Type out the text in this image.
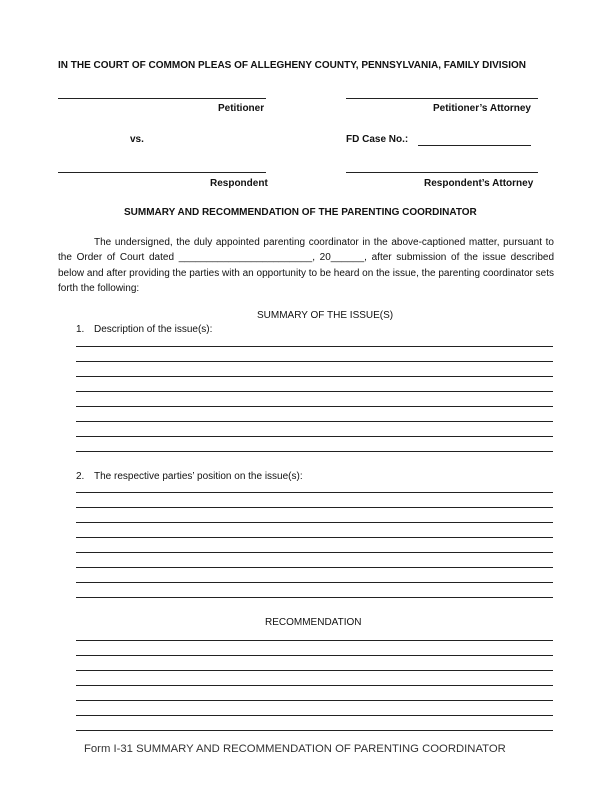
IN THE COURT OF COMMON PLEAS OF ALLEGHENY COUNTY, PENNSYLVANIA, FAMILY DIVISION
Petitioner	Petitioner’s Attorney
vs.	FD Case No.:
Respondent	Respondent’s Attorney
SUMMARY AND RECOMMENDATION OF THE PARENTING COORDINATOR

The undersigned, the duly appointed parenting coordinator in the above-captioned matter, pursuant to the Order of Court dated ________________________, 20______, after submission of the issue described below and after providing the parties with an opportunity to be heard on the issue, the parenting coordinator sets forth the following:

SUMMARY OF THE ISSUE(S)
1. Description of the issue(s):
2. The respective parties’ position on the issue(s):
RECOMMENDATION
Form I-31 SUMMARY AND RECOMMENDATION OF PARENTING COORDINATOR
